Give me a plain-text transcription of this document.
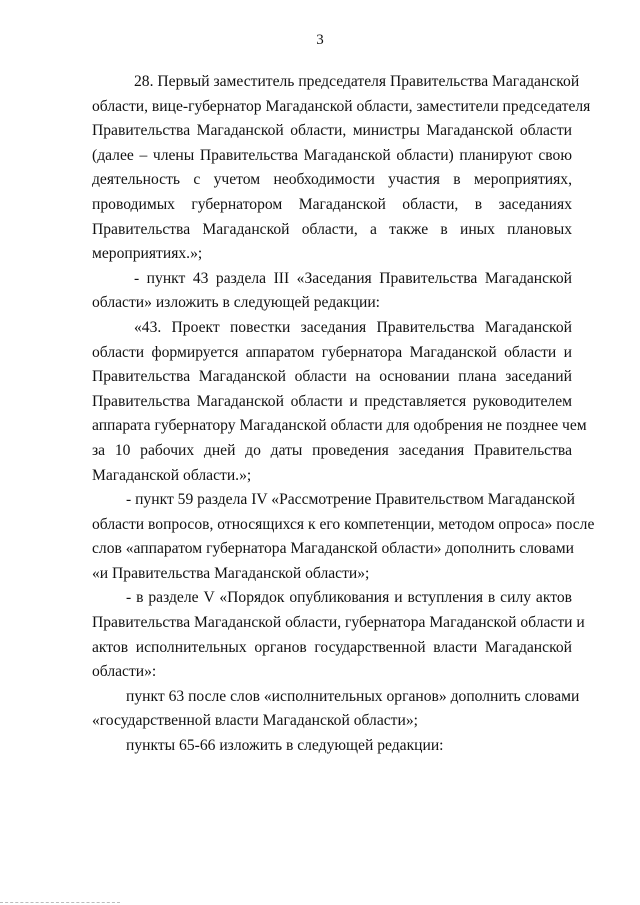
3
28. Первый заместитель председателя Правительства Магаданской
области, вице-губернатор Магаданской области, заместители председателя
Правительства Магаданской области, министры Магаданской области
(далее – члены Правительства Магаданской области) планируют свою
деятельность с учетом необходимости участия в мероприятиях,
проводимых губернатором Магаданской области, в заседаниях
Правительства Магаданской области, а также в иных плановых
мероприятиях.»;
- пункт 43 раздела III «Заседания Правительства Магаданской
области» изложить в следующей редакции:
«43. Проект повестки заседания Правительства Магаданской
области формируется аппаратом губернатора Магаданской области и
Правительства Магаданской области на основании плана заседаний
Правительства Магаданской области и представляется руководителем
аппарата губернатору Магаданской области для одобрения не позднее чем
за 10 рабочих дней до даты проведения заседания Правительства
Магаданской области.»;
- пункт 59 раздела IV «Рассмотрение Правительством Магаданской
области вопросов, относящихся к его компетенции, методом опроса» после
слов «аппаратом губернатора Магаданской области» дополнить словами
«и Правительства Магаданской области»;
- в разделе V «Порядок опубликования и вступления в силу актов
Правительства Магаданской области, губернатора Магаданской области и
актов исполнительных органов государственной власти Магаданской
области»:
пункт 63 после слов «исполнительных органов» дополнить словами
«государственной власти Магаданской области»;
пункты 65-66 изложить в следующей редакции:
